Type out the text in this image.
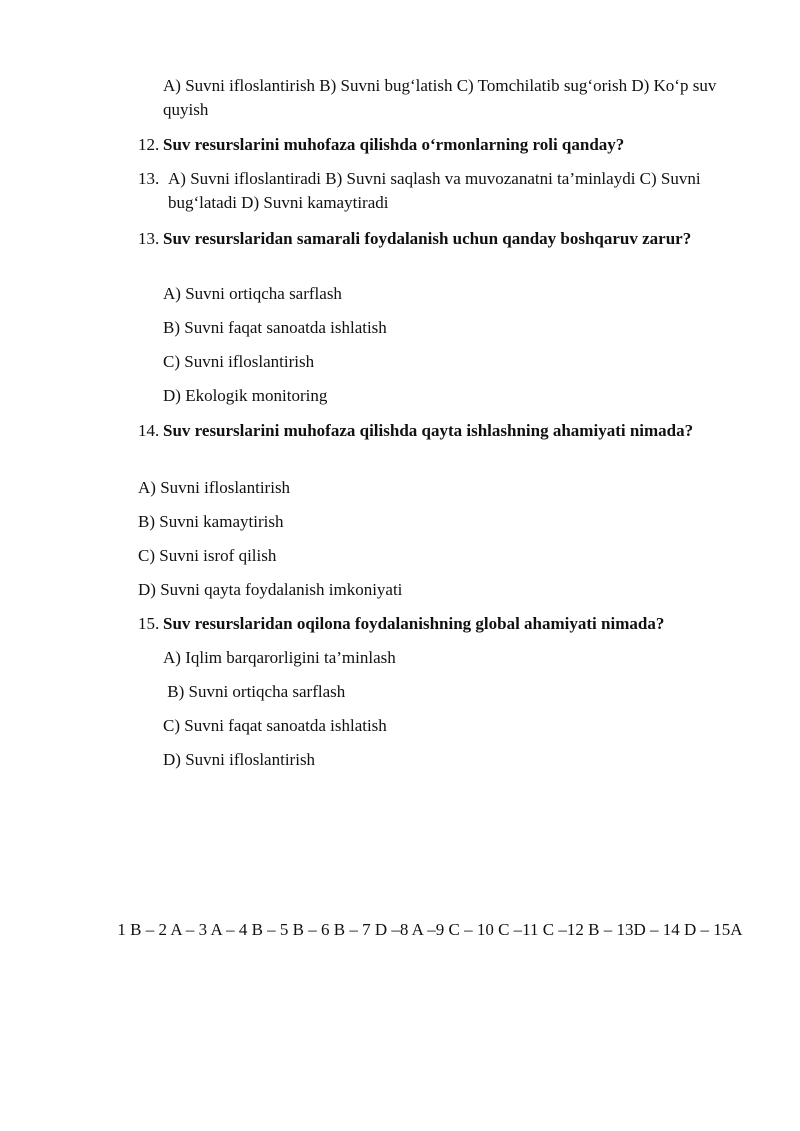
A) Suvni ifloslantirish B) Suvni bug‘latish C) Tomchilatib sug‘orish D) Ko‘p suv quyish
12. Suv resurslarini muhofaza qilishda o‘rmonlarning roli qanday?
13. A) Suvni ifloslantiradi B) Suvni saqlash va muvozanatni ta’minlaydi C) Suvni bug‘latadi D) Suvni kamaytiradi
13. Suv resurslaridan samarali foydalanish uchun qanday boshqaruv zarur?
A) Suvni ortiqcha sarflash
B) Suvni faqat sanoatda ishlatish
C) Suvni ifloslantirish
D) Ekologik monitoring
14. Suv resurslarini muhofaza qilishda qayta ishlashning ahamiyati nimada?
A) Suvni ifloslantirish
B) Suvni kamaytirish
C) Suvni isrof qilish
D) Suvni qayta foydalanish imkoniyati
15. Suv resurslaridan oqilona foydalanishning global ahamiyati nimada?
A) Iqlim barqarorligini ta’minlash
B) Suvni ortiqcha sarflash
C) Suvni faqat sanoatda ishlatish
D) Suvni ifloslantirish
1 B – 2 A – 3 A – 4 B – 5 B – 6 B – 7 D –8 A –9 C – 10 C –11 C –12 B – 13D – 14 D – 15A
